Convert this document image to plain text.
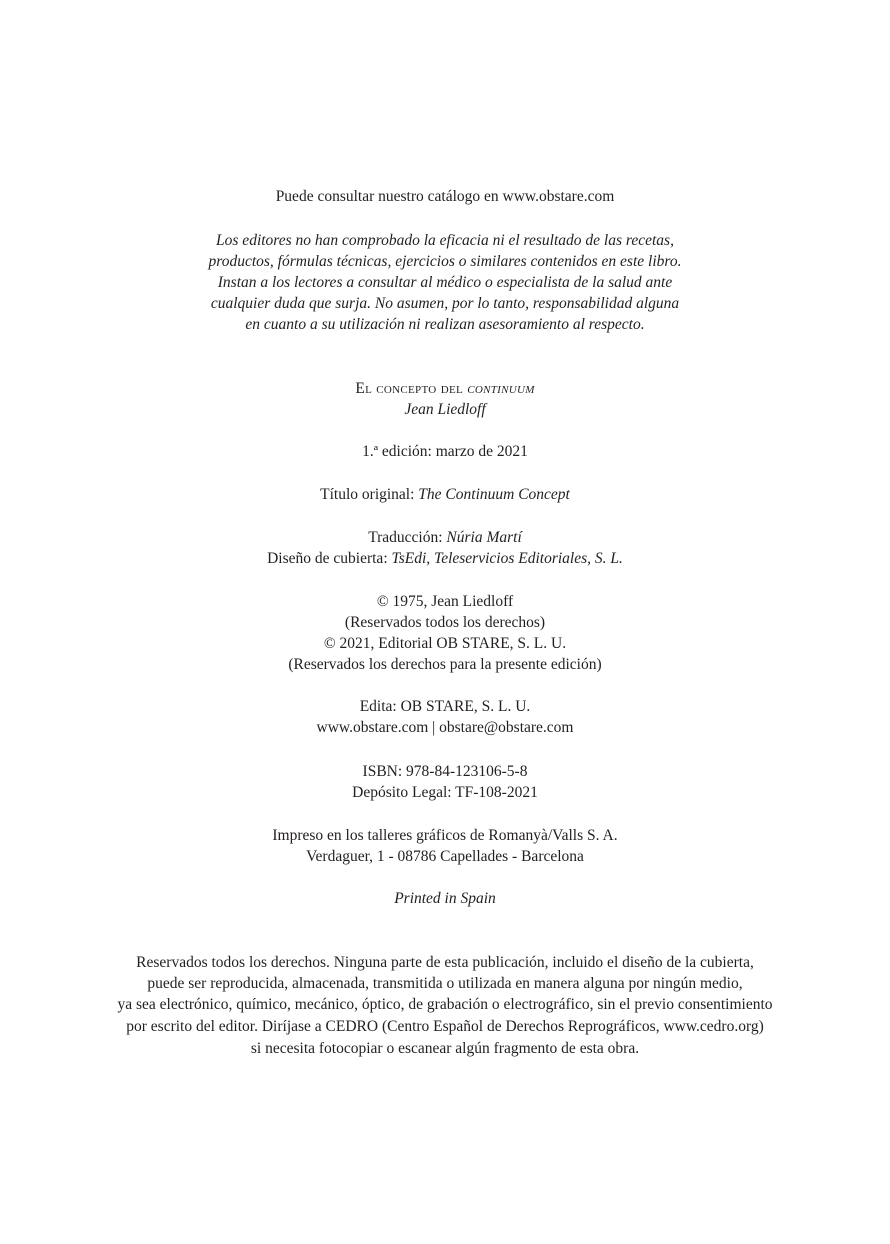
Puede consultar nuestro catálogo en www.obstare.com
Los editores no han comprobado la eficacia ni el resultado de las recetas,
productos, fórmulas técnicas, ejercicios o similares contenidos en este libro.
Instan a los lectores a consultar al médico o especialista de la salud ante
cualquier duda que surja. No asumen, por lo tanto, responsabilidad alguna
en cuanto a su utilización ni realizan asesoramiento al respecto.
El concepto del continuum
Jean Liedloff
1.ª edición: marzo de 2021
Título original: The Continuum Concept
Traducción: Núria Martí
Diseño de cubierta: TsEdi, Teleservicios Editoriales, S. L.
© 1975, Jean Liedloff
(Reservados todos los derechos)
© 2021, Editorial OB STARE, S. L. U.
(Reservados los derechos para la presente edición)
Edita: OB STARE, S. L. U.
www.obstare.com | obstare@obstare.com
ISBN: 978-84-123106-5-8
Depósito Legal: TF-108-2021
Impreso en los talleres gráficos de Romanyà/Valls S. A.
Verdaguer, 1 - 08786 Capellades - Barcelona
Printed in Spain
Reservados todos los derechos. Ninguna parte de esta publicación, incluido el diseño de la cubierta,
puede ser reproducida, almacenada, transmitida o utilizada en manera alguna por ningún medio,
ya sea electrónico, químico, mecánico, óptico, de grabación o electrográfico, sin el previo consentimiento
por escrito del editor. Diríjase a CEDRO (Centro Español de Derechos Reprográficos, www.cedro.org)
si necesita fotocopiar o escanear algún fragmento de esta obra.
